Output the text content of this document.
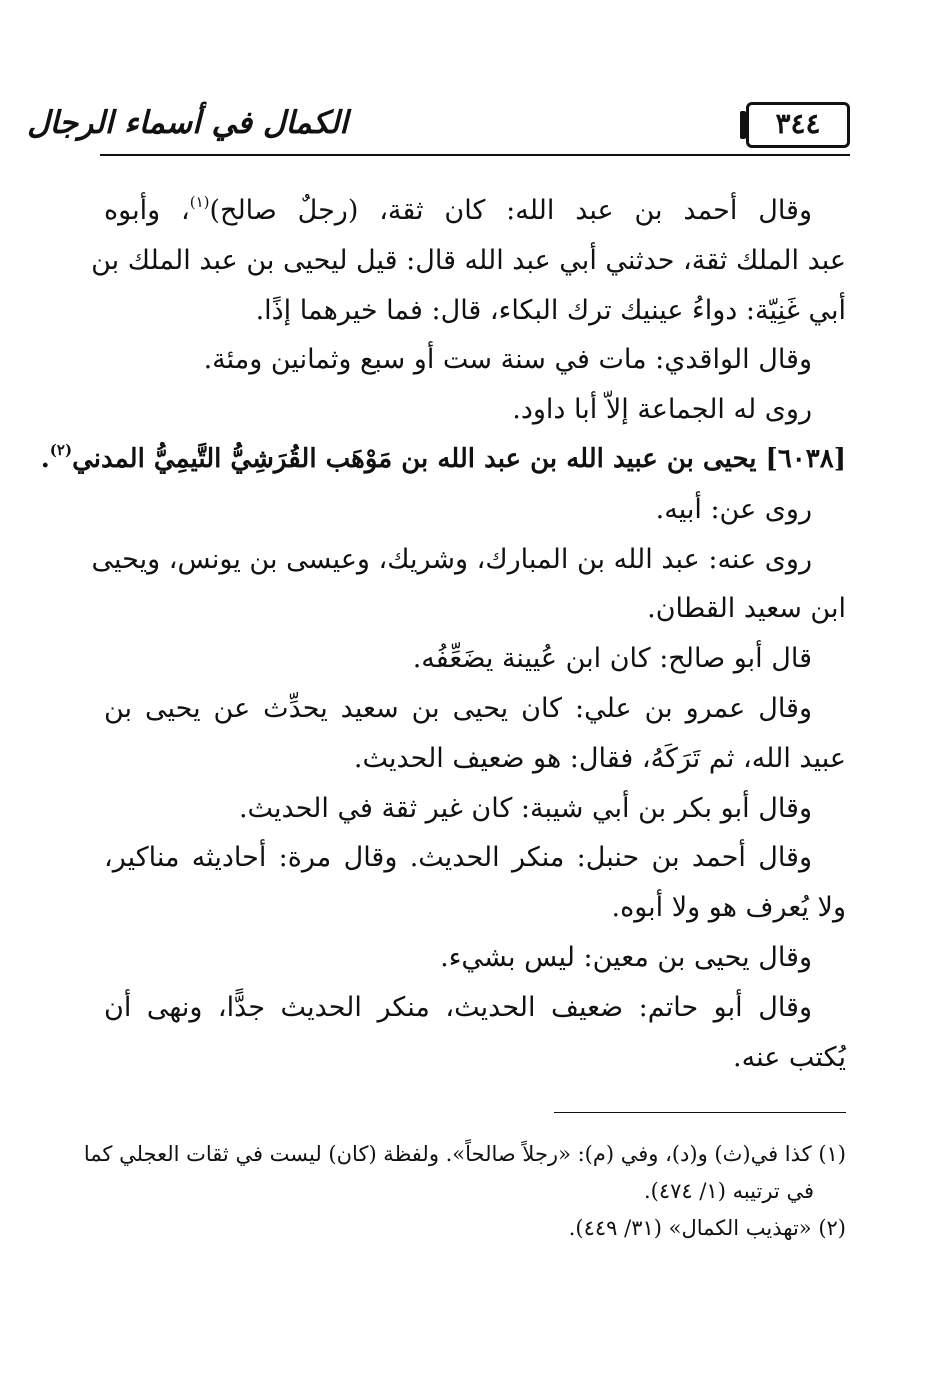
الكمال في أسماء الرجال	٣٤٤
وقال أحمد بن عبد الله: كان ثقة، (رجلٌ صالح)$^{(١)}$، وأبوه
عبد الملك ثقة، حدثني أبي عبد الله قال: قيل ليحيى بن عبد الملك بن
أبي غَنِيّة: دواءُ عينيك ترك البكاء، قال: فما خيرهما إذًا.
وقال الواقدي: مات في سنة ست أو سبع وثمانين ومئة.
روى له الجماعة إلاّ أبا داود.
[٦٠٣٨] يحيى بن عبيد الله بن عبد الله بن مَوْهَب القُرَشِيُّ التَّيمِيُّ المدني$^{(٢)}$.
روى عن: أبيه.
روى عنه: عبد الله بن المبارك، وشريك، وعيسى بن يونس، ويحيى
ابن سعيد القطان.
قال أبو صالح: كان ابن عُيينة يضَعِّفُه.
وقال عمرو بن علي: كان يحيى بن سعيد يحدِّث عن يحيى بن
عبيد الله، ثم تَرَكَهُ، فقال: هو ضعيف الحديث.
وقال أبو بكر بن أبي شيبة: كان غير ثقة في الحديث.
وقال أحمد بن حنبل: منكر الحديث. وقال مرة: أحاديثه مناكير،
ولا يُعرف هو ولا أبوه.
وقال يحيى بن معين: ليس بشيء.
وقال أبو حاتم: ضعيف الحديث، منكر الحديث جدًّا، ونهى أن
يُكتب عنه.
(١) كذا في(ث) و(د)، وفي (م): «رجلاً صالحاً». ولفظة (كان) ليست في ثقات العجلي كما
في ترتيبه (١/ ٤٧٤).
(٢) «تهذيب الكمال» (٣١/ ٤٤٩).
